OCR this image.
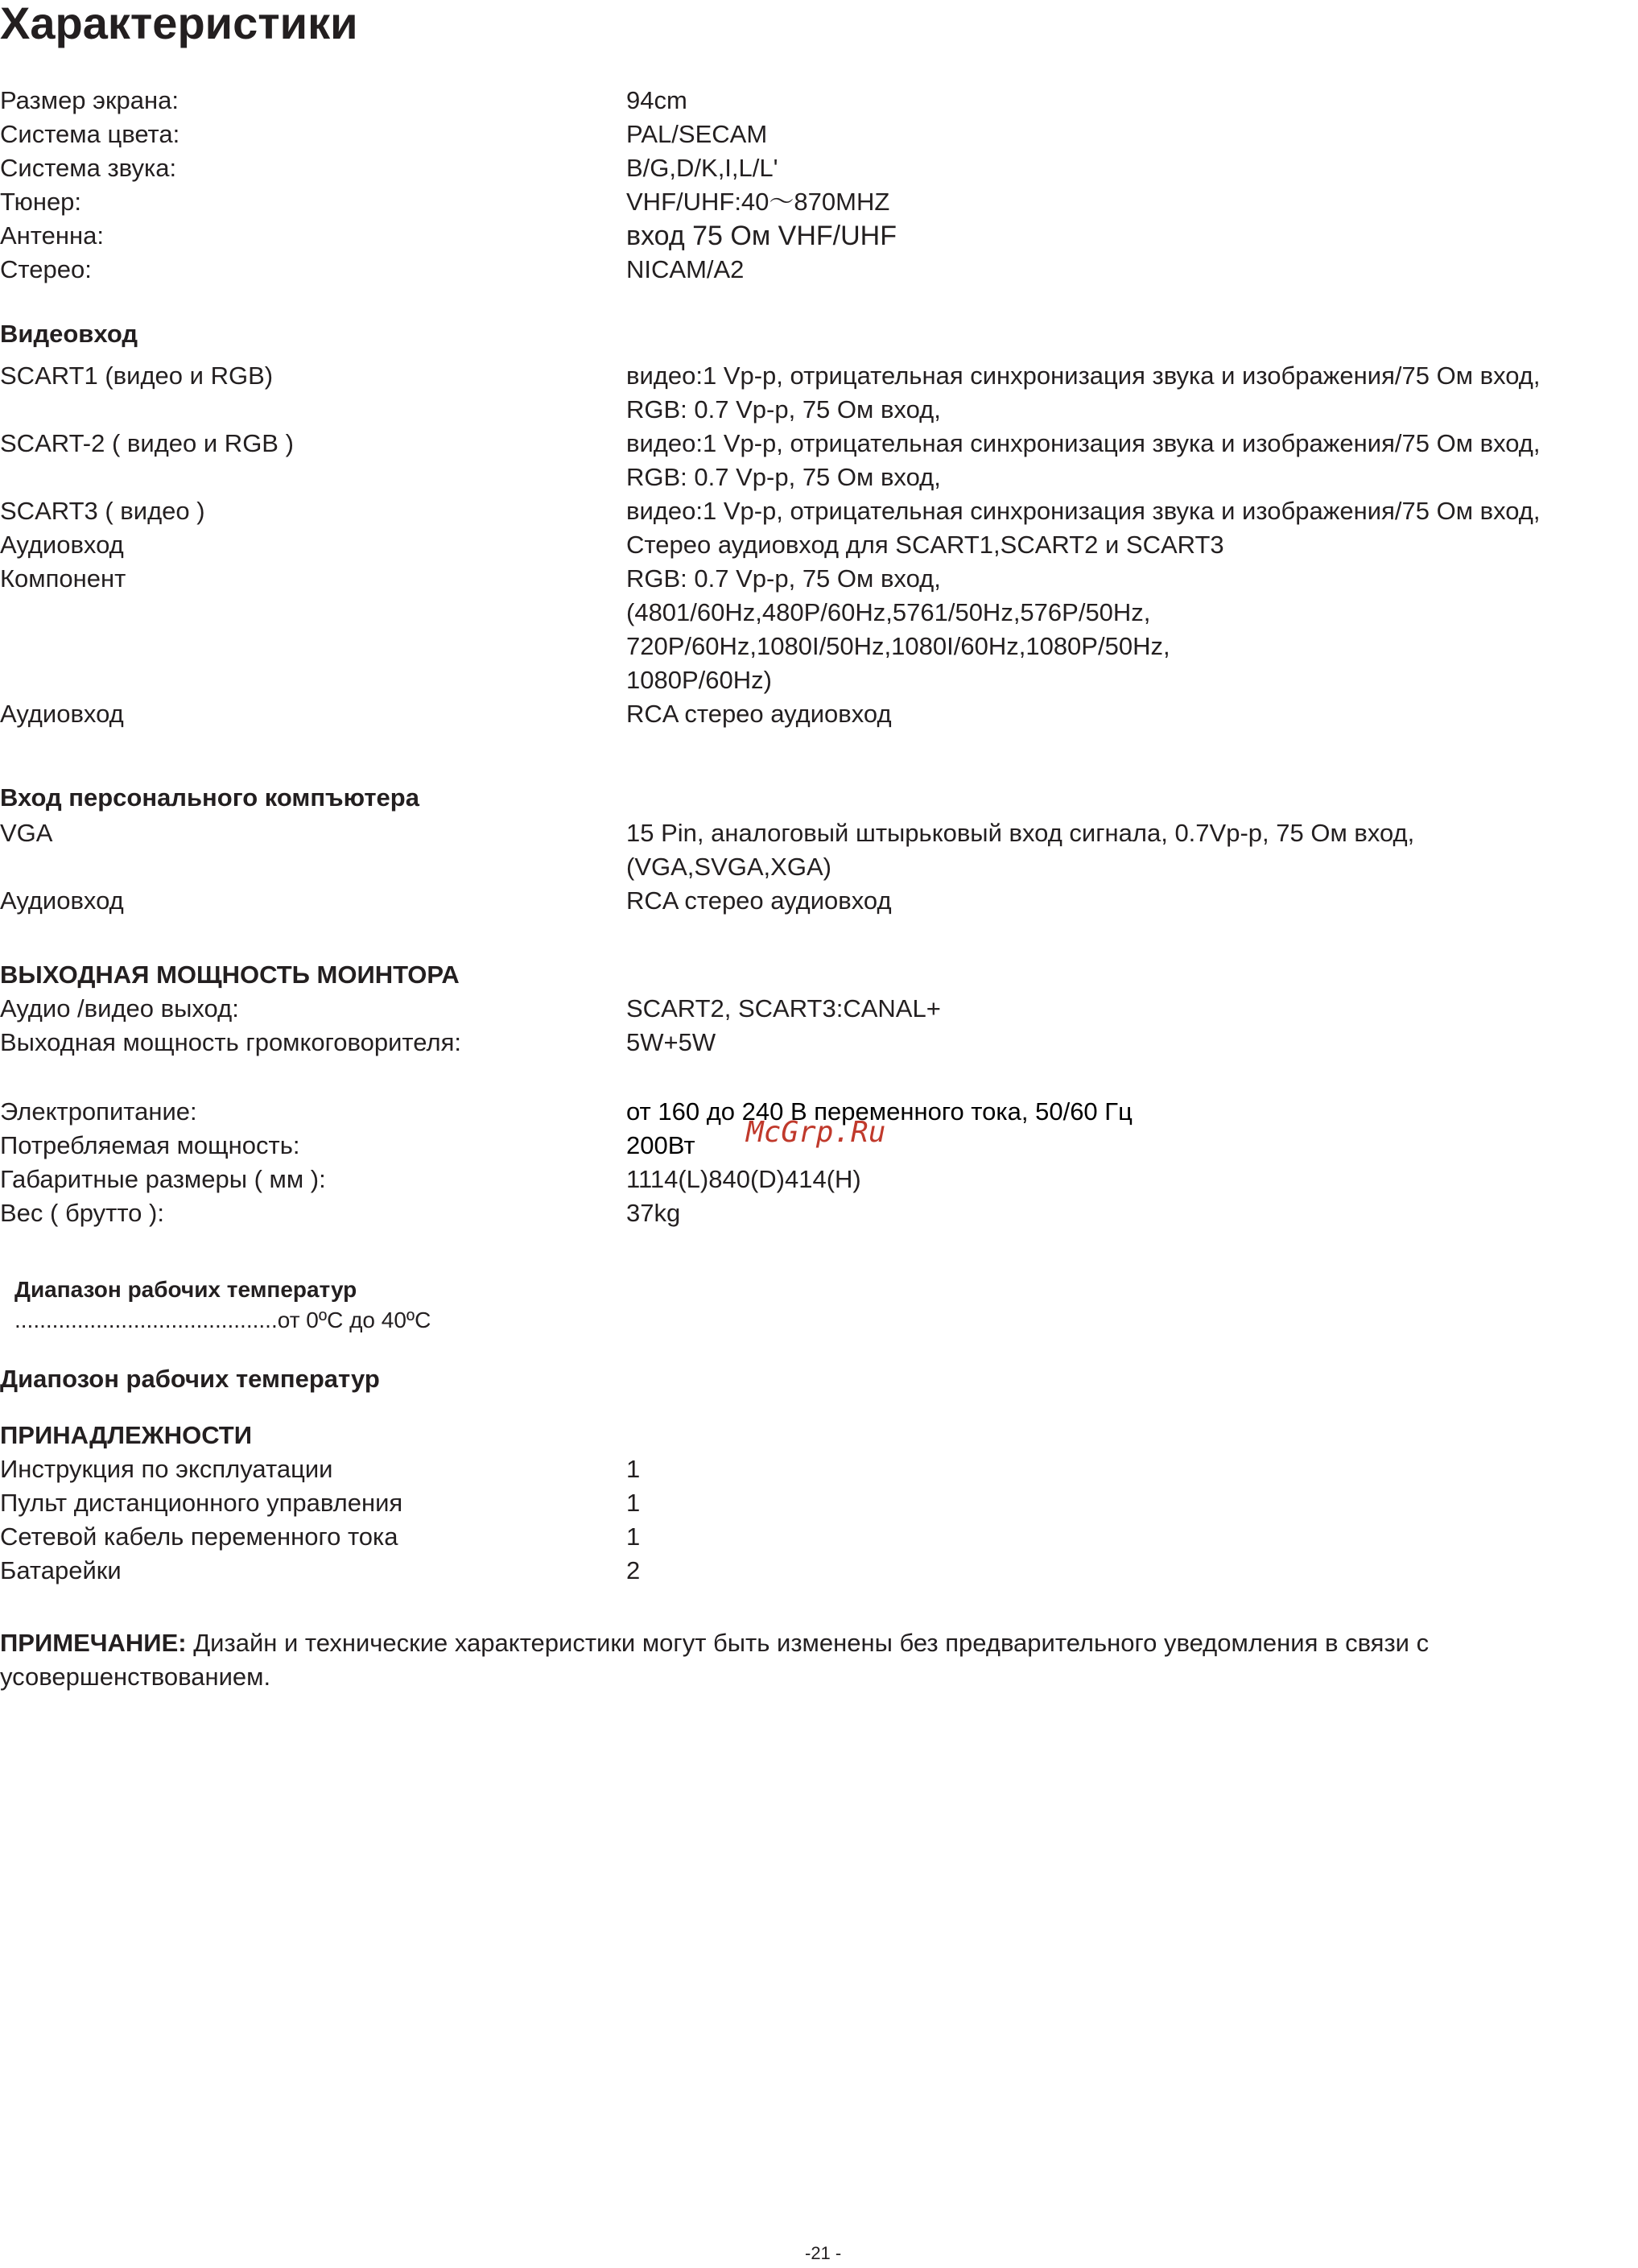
Характеристики
Размер экрана:	94cm
Система цвета:	PAL/SECAM
Система звука:	B/G,D/K,I,L/L'
Тюнер:	VHF/UHF:40～870MHZ
Антенна:	вход 75 Ом VHF/UHF
Стерео:	NICAM/A2
Видеовход
SCART1 (видео и RGB)	видео:1 Vp-p, отрицательная синхронизация звука и изображения/75 Ом вход,
RGB: 0.7 Vp-p, 75 Ом вход,
SCART-2 ( видео и RGB )	видео:1 Vp-p, отрицательная синхронизация звука и изображения/75 Ом вход,
RGB: 0.7 Vp-p, 75 Ом вход,
SCART3 ( видео )	видео:1 Vp-p, отрицательная синхронизация звука и изображения/75 Ом вход,
Аудиовход	Стерео аудиовход для SCART1,SCART2 и SCART3
Компонент	RGB: 0.7 Vp-p, 75 Ом вход,
(4801/60Hz,480P/60Hz,5761/50Hz,576P/50Hz,
720P/60Hz,1080I/50Hz,1080I/60Hz,1080P/50Hz,
1080P/60Hz)
Аудиовход	RCA стерео аудиовход
Вход персонального компъютера
VGA	15 Pin, аналоговый штырьковый вход сигнала, 0.7Vp-p, 75 Ом вход,
(VGA,SVGA,XGA)
Аудиовход	RCA стерео аудиовход
ВЫХОДНАЯ МОЩНОСТЬ МОИНТОРА
Аудио /видео выход:	SCART2, SCART3:CANAL+
Выходная мощность громкоговорителя:	5W+5W
Электропитание:	от 160 до 240 В переменного тока, 50/60 Гц
Потребляемая мощность:	200Вт
Габаритные размеры ( мм ):	1114(L)840(D)414(H)
Вес ( брутто ):	37kg
McGrp.Ru
Диапазон рабочих температур
..........................................от 0ºC до 40ºC
Диапозон рабочих температур
ПРИНАДЛЕЖНОСТИ
Инструкция по эксплуатации	1
Пульт дистанционного управления	1
Сетевой кабель переменного тока	1
Батарейки	2
ПРИМЕЧАНИЕ: Дизайн и технические характеристики могут быть изменены без предварительного уведомления в связи с усовершенствованием.
-21 -
